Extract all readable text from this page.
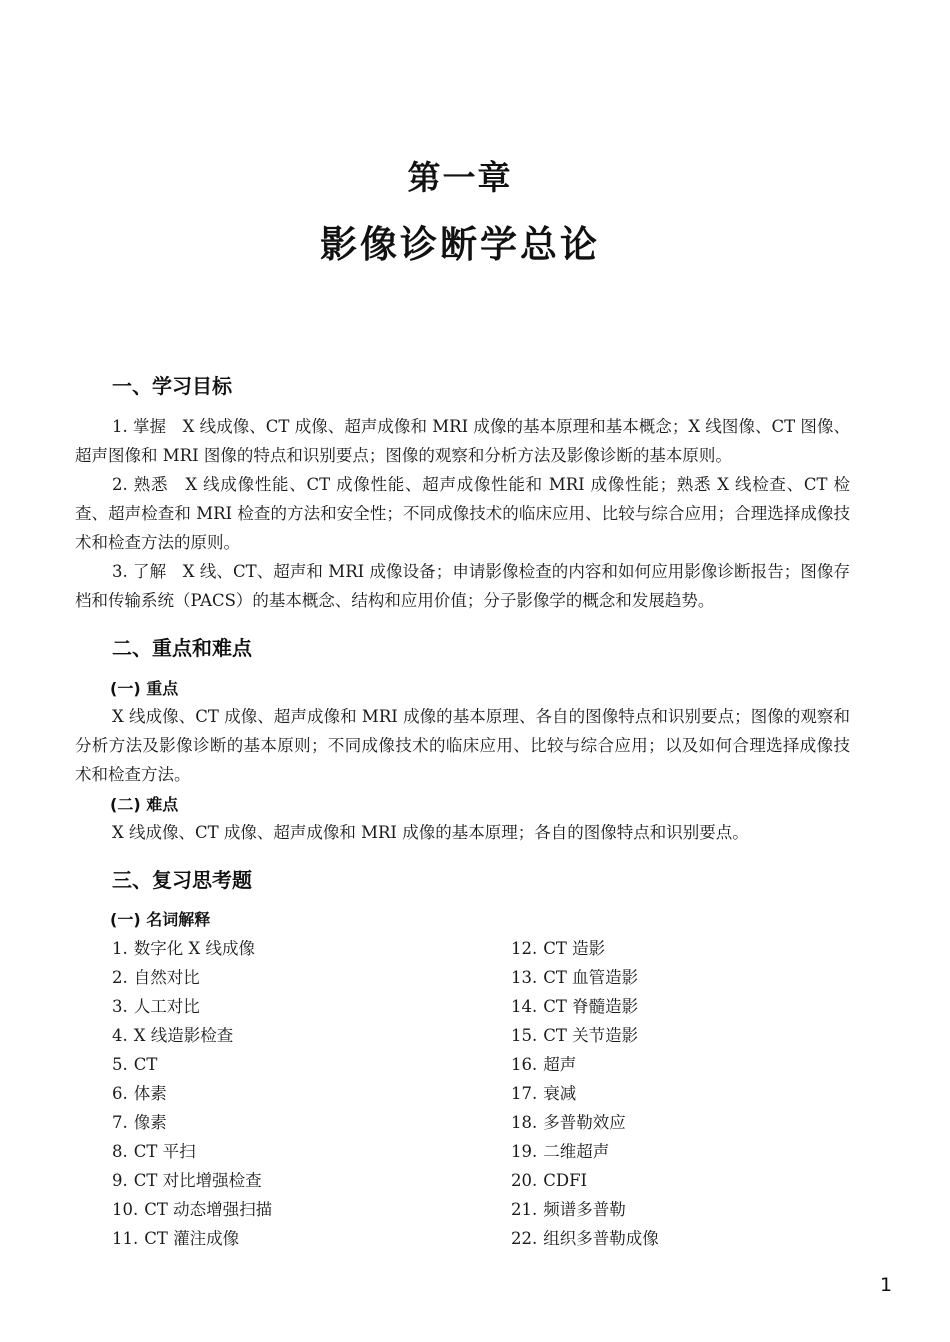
第一章
影像诊断学总论
一、学习目标

1. 掌握　X 线成像、CT 成像、超声成像和 MRI 成像的基本原理和基本概念；X 线图像、CT 图像、超声图像和 MRI 图像的特点和识别要点；图像的观察和分析方法及影像诊断的基本原则。

2. 熟悉　X 线成像性能、CT 成像性能、超声成像性能和 MRI 成像性能；熟悉 X 线检查、CT 检查、超声检查和 MRI 检查的方法和安全性；不同成像技术的临床应用、比较与综合应用；合理选择成像技术和检查方法的原则。

3. 了解　X 线、CT、超声和 MRI 成像设备；申请影像检查的内容和如何应用影像诊断报告；图像存档和传输系统（PACS）的基本概念、结构和应用价值；分子影像学的概念和发展趋势。

二、重点和难点
(一) 重点

X 线成像、CT 成像、超声成像和 MRI 成像的基本原理、各自的图像特点和识别要点；图像的观察和分析方法及影像诊断的基本原则；不同成像技术的临床应用、比较与综合应用；以及如何合理选择成像技术和检查方法。

(二) 难点

X 线成像、CT 成像、超声成像和 MRI 成像的基本原理；各自的图像特点和识别要点。

三、复习思考题
(一) 名词解释
1. 数字化 X 线成像
2. 自然对比
3. 人工对比
4. X 线造影检查
5. CT
6. 体素
7. 像素
8. CT 平扫
9. CT 对比增强检查
10. CT 动态增强扫描
11. CT 灌注成像
12. CT 造影
13. CT 血管造影
14. CT 脊髓造影
15. CT 关节造影
16. 超声
17. 衰减
18. 多普勒效应
19. 二维超声
20. CDFI
21. 频谱多普勒
22. 组织多普勒成像
1
